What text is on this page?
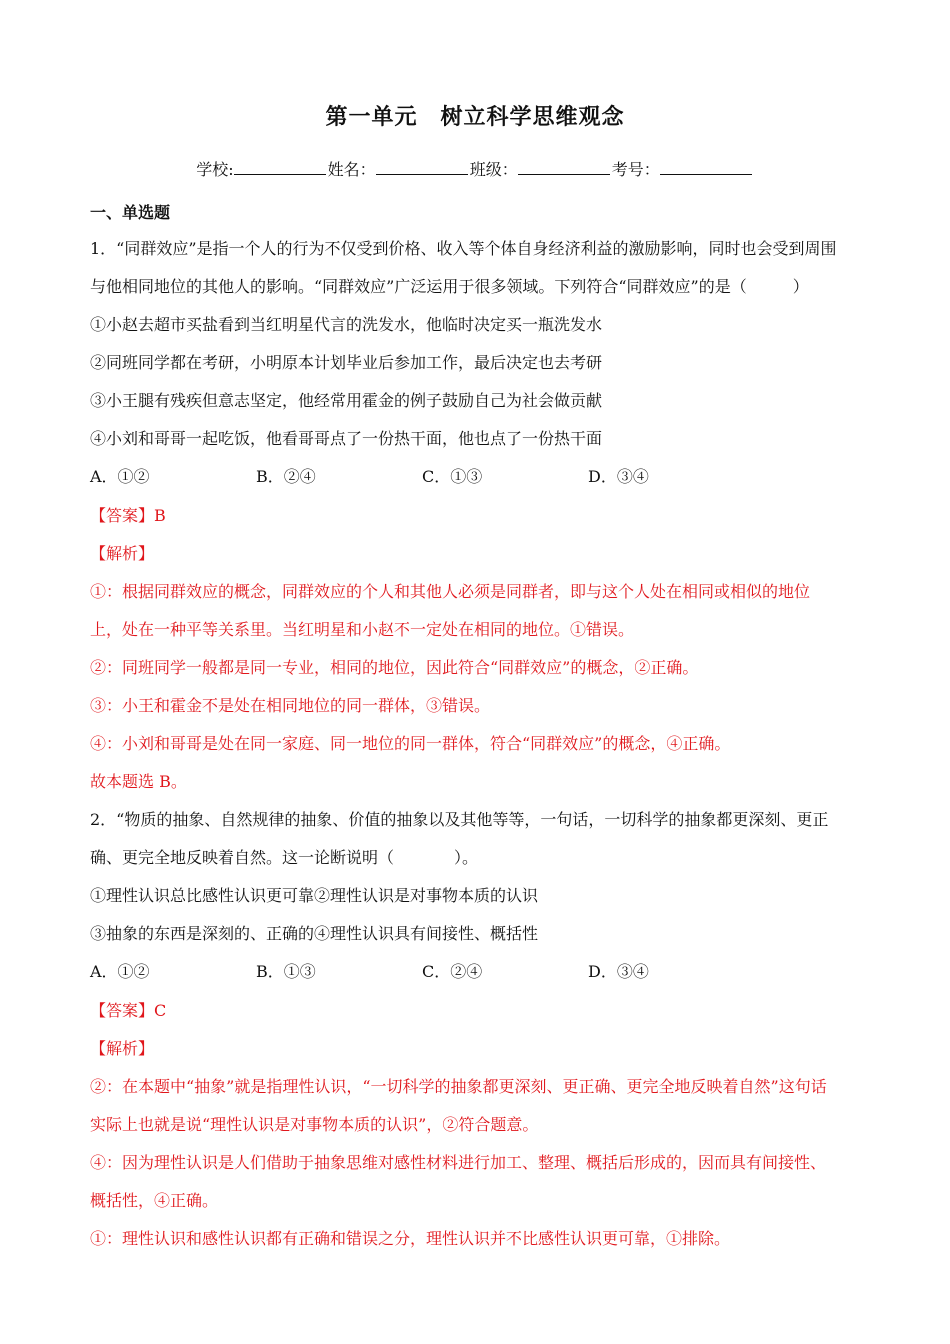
第一单元　树立科学思维观念
学校:	姓名：	班级：	考号：
一、单选题
1．“同群效应”是指一个人的行为不仅受到价格、收入等个体自身经济利益的激励影响，同时也会受到周围
与他相同地位的其他人的影响。“同群效应”广泛运用于很多领域。下列符合“同群效应”的是（	）
①小赵去超市买盐看到当红明星代言的洗发水，他临时决定买一瓶洗发水
②同班同学都在考研，小明原本计划毕业后参加工作，最后决定也去考研
③小王腿有残疾但意志坚定，他经常用霍金的例子鼓励自己为社会做贡献
④小刘和哥哥一起吃饭，他看哥哥点了一份热干面，他也点了一份热干面
A．①②	B．②④	C．①③	D．③④
【答案】B
【解析】
①：根据同群效应的概念，同群效应的个人和其他人必须是同群者，即与这个人处在相同或相似的地位
上，处在一种平等关系里。当红明星和小赵不一定处在相同的地位。①错误。
②：同班同学一般都是同一专业，相同的地位，因此符合“同群效应”的概念，②正确。
③：小王和霍金不是处在相同地位的同一群体，③错误。
④：小刘和哥哥是处在同一家庭、同一地位的同一群体，符合“同群效应”的概念，④正确。
故本题选 B。
2．“物质的抽象、自然规律的抽象、价值的抽象以及其他等等，一句话，一切科学的抽象都更深刻、更正
确、更完全地反映着自然。这一论断说明（	）。
①理性认识总比感性认识更可靠②理性认识是对事物本质的认识
③抽象的东西是深刻的、正确的④理性认识具有间接性、概括性
A．①②	B．①③	C．②④	D．③④
【答案】C
【解析】
②：在本题中“抽象”就是指理性认识，“一切科学的抽象都更深刻、更正确、更完全地反映着自然”这句话
实际上也就是说“理性认识是对事物本质的认识”，②符合题意。
④：因为理性认识是人们借助于抽象思维对感性材料进行加工、整理、概括后形成的，因而具有间接性、
概括性，④正确。
①：理性认识和感性认识都有正确和错误之分，理性认识并不比感性认识更可靠，①排除。
